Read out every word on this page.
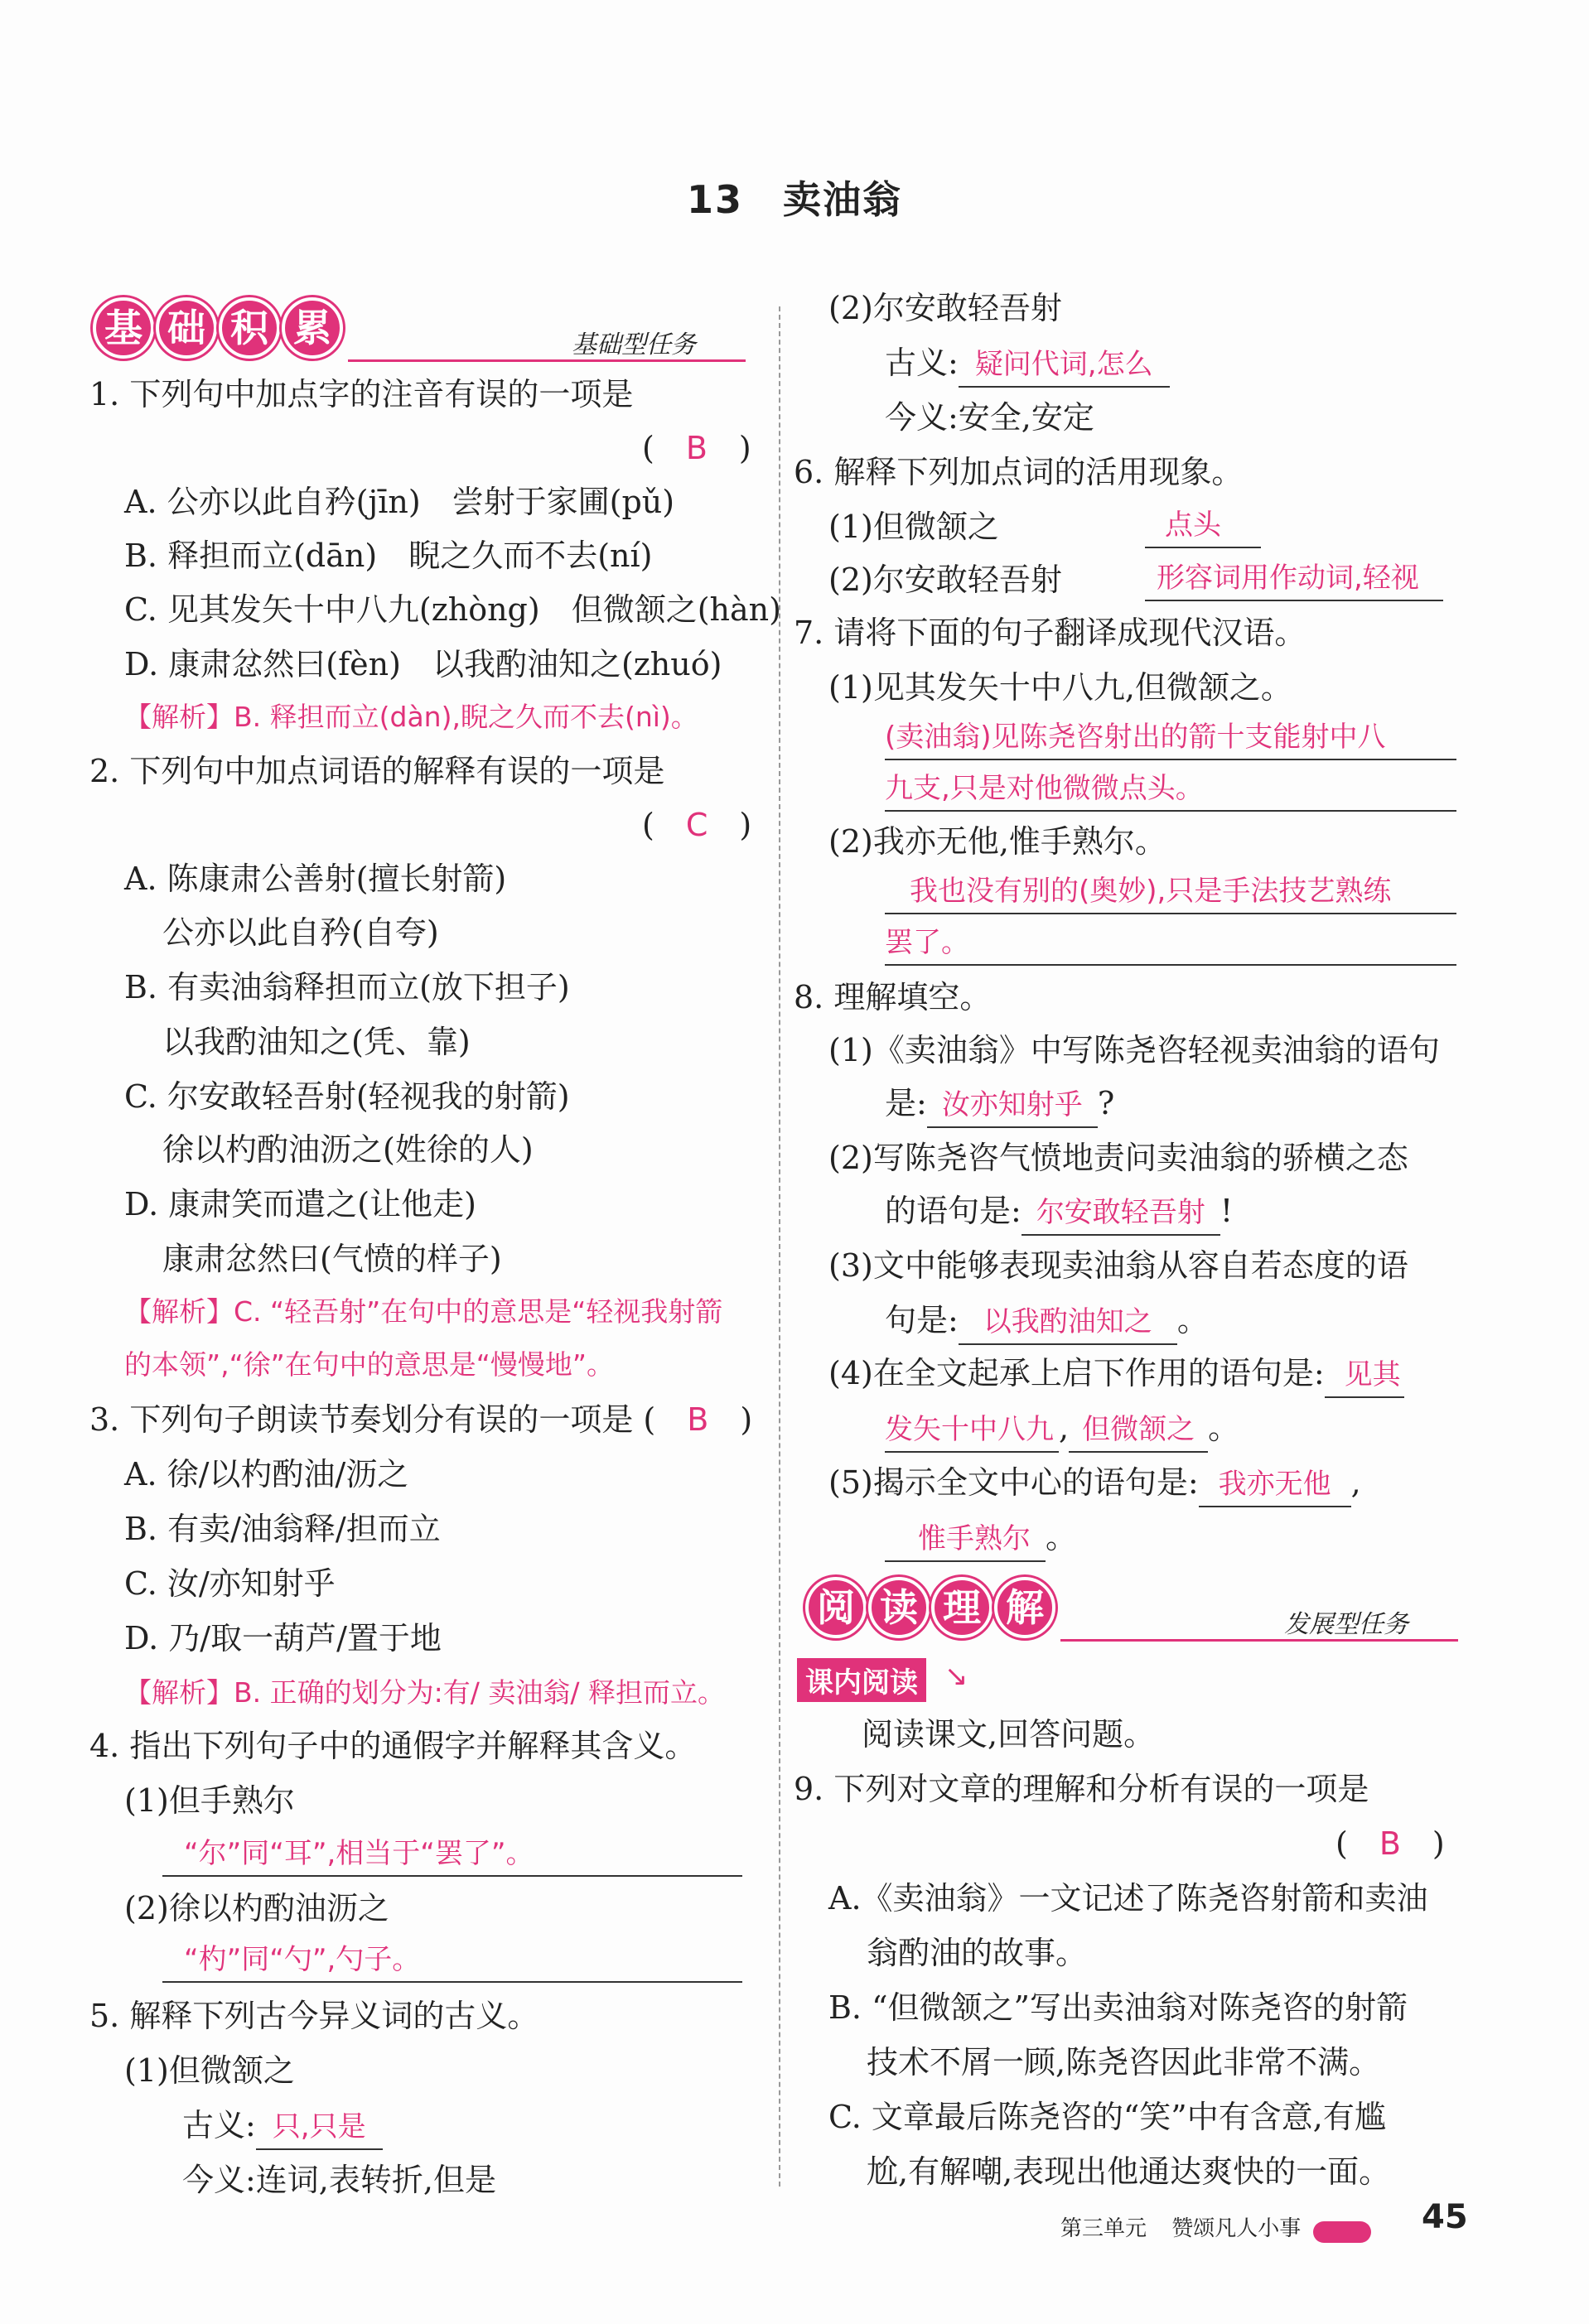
13　卖油翁
基 础 积 累	基础型任务
1. 下列句中加点字的注音有误的一项是
(　B　)
A. 公亦以此自矜(jīn)　尝射于家圃(pǔ)
B. 释担而立(dān)　睨之久而不去(ní)
C. 见其发矢十中八九(zhòng)　但微颔之(hàn)
D. 康肃忿然曰(fèn)　以我酌油知之(zhuó)
【解析】B. 释担而立(dàn),睨之久而不去(nì)。
2. 下列句中加点词语的解释有误的一项是
(　C　)
A. 陈康肃公善射(擅长射箭)
公亦以此自矜(自夸)
B. 有卖油翁释担而立(放下担子)
以我酌油知之(凭、靠)
C. 尔安敢轻吾射(轻视我的射箭)
徐以杓酌油沥之(姓徐的人)
D. 康肃笑而遣之(让他走)
康肃忿然曰(气愤的样子)
【解析】C. “轻吾射”在句中的意思是“轻视我射箭
的本领”,“徐”在句中的意思是“慢慢地”。
3. 下列句子朗读节奏划分有误的一项是 (　B　)
A. 徐/以杓酌油/沥之
B. 有卖/油翁释/担而立
C. 汝/亦知射乎
D. 乃/取一葫芦/置于地
【解析】B. 正确的划分为:有/ 卖油翁/ 释担而立。
4. 指出下列句子中的通假字并解释其含义。
(1)但手熟尔
“尔”同“耳”,相当于“罢了”。
(2)徐以杓酌油沥之
“杓”同“勺”,勺子。
5. 解释下列古今异义词的古义。
(1)但微颔之
古义: 只,只是
今义:连词,表转折,但是
(2)尔安敢轻吾射
古义: 疑问代词,怎么
今义:安全,安定
6. 解释下列加点词的活用现象。
(1)但微颔之	点头
(2)尔安敢轻吾射	形容词用作动词,轻视
7. 请将下面的句子翻译成现代汉语。
(1)见其发矢十中八九,但微颔之。
(卖油翁)见陈尧咨射出的箭十支能射中八
九支,只是对他微微点头。
(2)我亦无他,惟手熟尔。
我也没有别的(奥妙),只是手法技艺熟练
罢了。
8. 理解填空。
(1)《卖油翁》中写陈尧咨轻视卖油翁的语句
是: 汝亦知射乎 ?
(2)写陈尧咨气愤地责问卖油翁的骄横之态
的语句是: 尔安敢轻吾射 !
(3)文中能够表现卖油翁从容自若态度的语
句是: 以我酌油知之 。
(4)在全文起承上启下作用的语句是: 见其
发矢十中八九 , 但微颔之 。
(5)揭示全文中心的语句是: 我亦无他 ,
惟手熟尔 。
阅 读 理 解	发展型任务
课内阅读 ↘
阅读课文,回答问题。
9. 下列对文章的理解和分析有误的一项是
(　B　)
A.《卖油翁》一文记述了陈尧咨射箭和卖油
翁酌油的故事。
B. “但微颔之”写出卖油翁对陈尧咨的射箭
技术不屑一顾,陈尧咨因此非常不满。
C. 文章最后陈尧咨的“笑”中有含意,有尴
尬,有解嘲,表现出他通达爽快的一面。
第三单元 赞颂凡人小事	45
